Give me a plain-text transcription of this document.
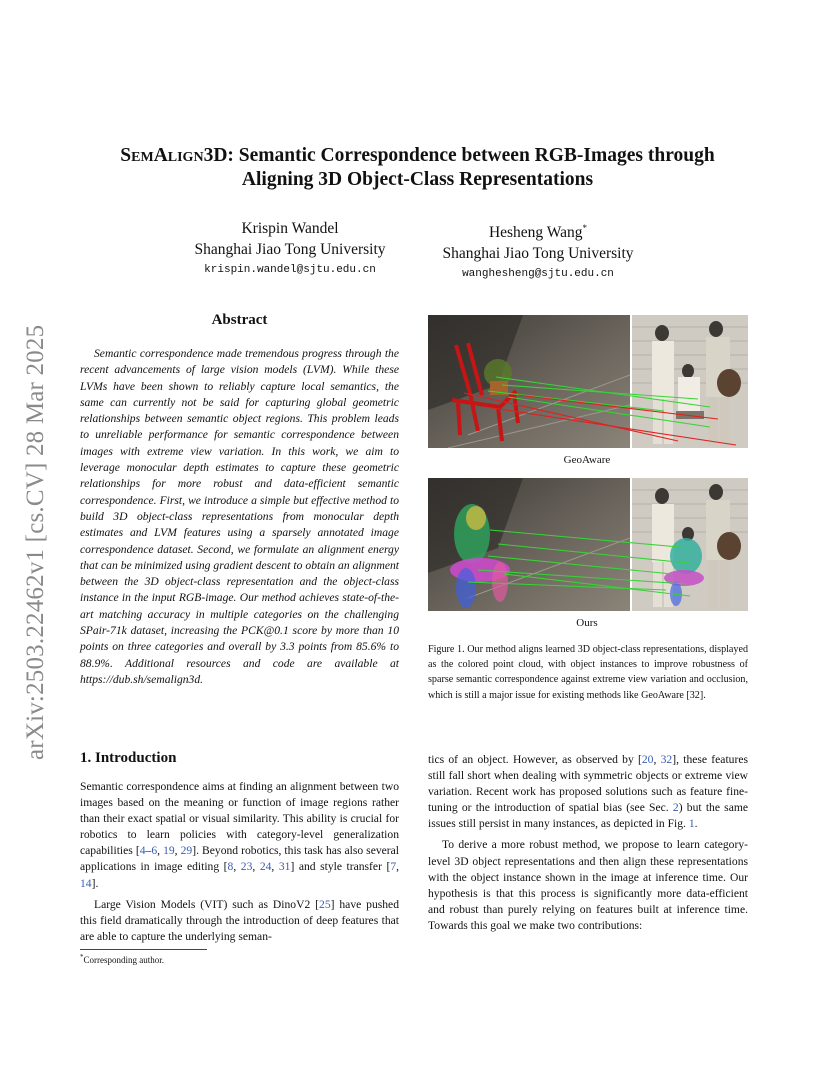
arXiv:2503.22462v1 [cs.CV] 28 Mar 2025
SemAlign3D: Semantic Correspondence between RGB-Images through
Aligning 3D Object-Class Representations
Krispin Wandel
Shanghai Jiao Tong University
krispin.wandel@sjtu.edu.cn
Hesheng Wang*
Shanghai Jiao Tong University
wanghesheng@sjtu.edu.cn
Abstract
Semantic correspondence made tremendous progress through the recent advancements of large vision models (LVM). While these LVMs have been shown to reliably capture local semantics, the same can currently not be said for capturing global geometric relationships between semantic object regions. This problem leads to unreliable performance for semantic correspondence between images with extreme view variation. In this work, we aim to leverage monocular depth estimates to capture these geometric relationships for more robust and data-efficient semantic correspondence. First, we introduce a simple but effective method to build 3D object-class representations from monocular depth estimates and LVM features using a sparsely annotated image correspondence dataset. Second, we formulate an alignment energy that can be minimized using gradient descent to obtain an alignment between the 3D object-class representation and the object-class instance in the input RGB-image. Our method achieves state-of-the-art matching accuracy in multiple categories on the challenging SPair-71k dataset, increasing the PCK@0.1 score by more than 10 points on three categories and overall by 3.3 points from 85.6% to 88.9%. Additional resources and code are available at https://dub.sh/semalign3d.
GeoAware
Ours
Figure 1. Our method aligns learned 3D object-class representations, displayed as the colored point cloud, with object instances to improve robustness of sparse semantic correspondence against extreme view variation and occlusion, which is still a major issue for existing methods like GeoAware [32].
1. Introduction

Semantic correspondence aims at finding an alignment between two images based on the meaning or function of image regions rather than their exact spatial or visual similarity. This ability is crucial for robotics to learn policies with category-level generalization capabilities [4–6, 19, 29]. Beyond robotics, this task has also several applications in image editing [8, 23, 24, 31] and style transfer [7, 14].

Large Vision Models (VIT) such as DinoV2 [25] have pushed this field dramatically through the introduction of deep features that are able to capture the underlying seman-

tics of an object. However, as observed by [20, 32], these features still fall short when dealing with symmetric objects or extreme view variation. Recent work has proposed solutions such as feature fine-tuning or the introduction of spatial bias (see Sec. 2) but the same issues still persist in many instances, as depicted in Fig. 1.

To derive a more robust method, we propose to learn category-level 3D object representations and then align these representations with the object instance shown in the image at inference time. Our hypothesis is that this process is significantly more data-efficient and robust than purely relying on features built at inference time. Towards this goal we make two contributions:

*Corresponding author.
